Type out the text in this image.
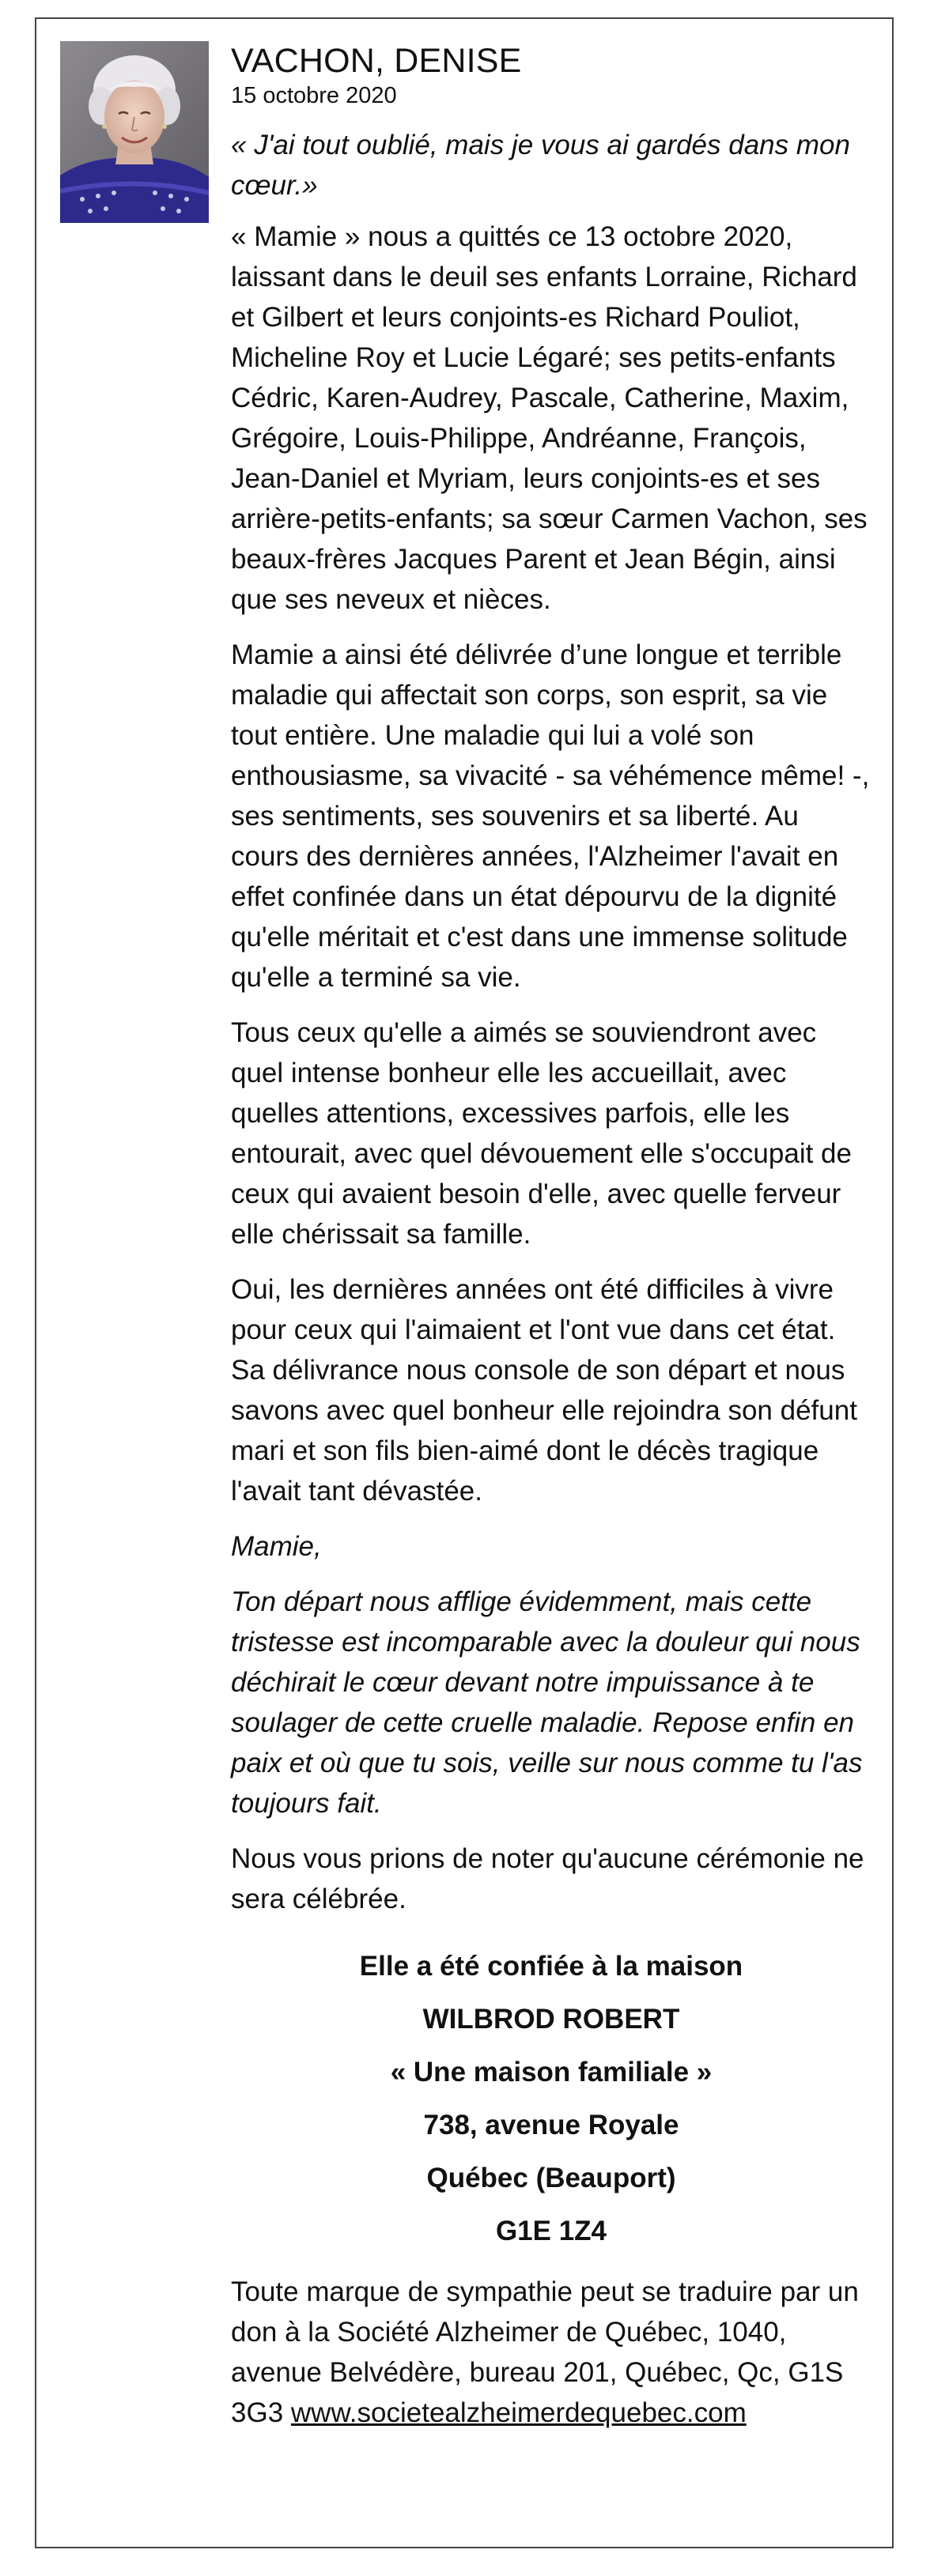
VACHON, DENISE
15 octobre 2020

« J'ai tout oublié, mais je vous ai gardés dans mon cœur.»

« Mamie » nous a quittés ce 13 octobre 2020, laissant dans le deuil ses enfants Lorraine, Richard et Gilbert et leurs conjoints-es Richard Pouliot, Micheline Roy et Lucie Légaré; ses petits-enfants Cédric, Karen-Audrey, Pascale, Catherine, Maxim, Grégoire, Louis-Philippe, Andréanne, François, Jean-Daniel et Myriam, leurs conjoints-es et ses arrière-petits-enfants; sa sœur Carmen Vachon, ses beaux-frères Jacques Parent et Jean Bégin, ainsi que ses neveux et nièces.

Mamie a ainsi été délivrée d’une longue et terrible maladie qui affectait son corps, son esprit, sa vie tout entière. Une maladie qui lui a volé son enthousiasme, sa vivacité - sa véhémence même! -, ses sentiments, ses souvenirs et sa liberté. Au cours des dernières années, l'Alzheimer l'avait en effet confinée dans un état dépourvu de la dignité qu'elle méritait et c'est dans une immense solitude qu'elle a terminé sa vie.

Tous ceux qu'elle a aimés se souviendront avec quel intense bonheur elle les accueillait, avec quelles attentions, excessives parfois, elle les entourait, avec quel dévouement elle s'occupait de ceux qui avaient besoin d'elle, avec quelle ferveur elle chérissait sa famille.

Oui, les dernières années ont été difficiles à vivre pour ceux qui l'aimaient et l'ont vue dans cet état. Sa délivrance nous console de son départ et nous savons avec quel bonheur elle rejoindra son défunt mari et son fils bien-aimé dont le décès tragique l'avait tant dévastée.

Mamie,

Ton départ nous afflige évidemment, mais cette tristesse est incomparable avec la douleur qui nous déchirait le cœur devant notre impuissance à te soulager de cette cruelle maladie. Repose enfin en paix et où que tu sois, veille sur nous comme tu l'as toujours fait.

Nous vous prions de noter qu'aucune cérémonie ne sera célébrée.

Elle a été confiée à la maison
WILBROD ROBERT
« Une maison familiale »
738, avenue Royale
Québec (Beauport)
G1E 1Z4

Toute marque de sympathie peut se traduire par un don à la Société Alzheimer de Québec, 1040, avenue Belvédère, bureau 201, Québec, Qc, G1S 3G3 www.societealzheimerdequebec.com
